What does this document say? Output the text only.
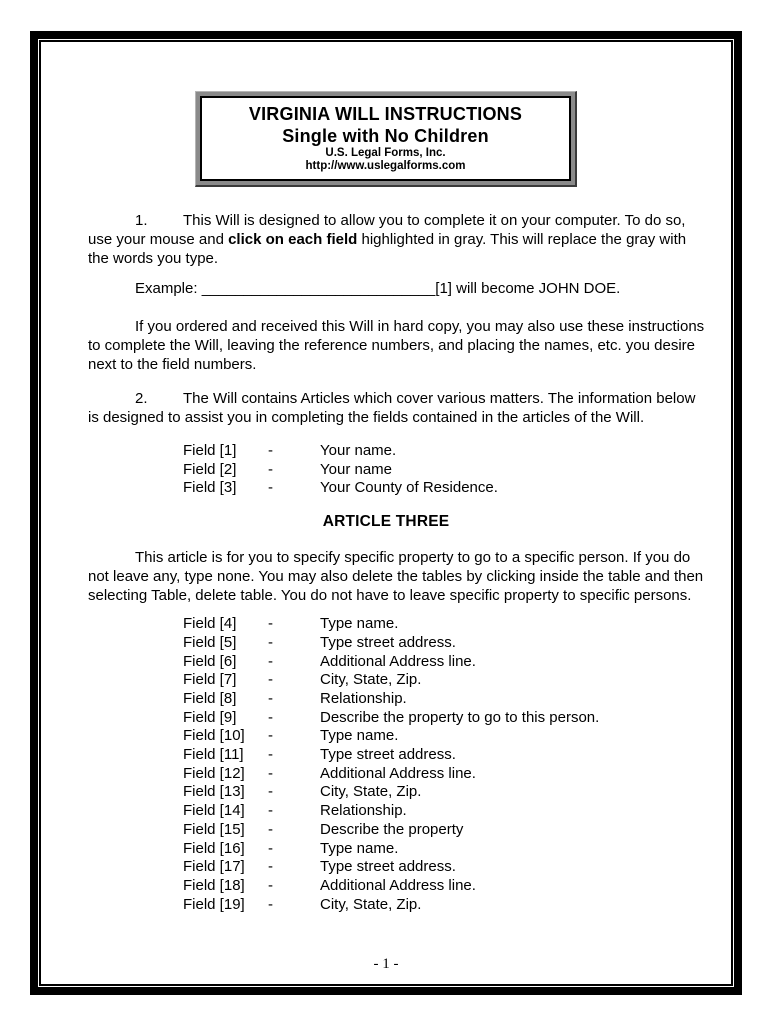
VIRGINIA WILL INSTRUCTIONS
Single with No Children
U.S. Legal Forms, Inc.
http://www.uslegalforms.com

1. This Will is designed to allow you to complete it on your computer. To do so, use your mouse and click on each field highlighted in gray. This will replace the gray with the words you type.

Example: ____________________________[1] will become JOHN DOE.

If you ordered and received this Will in hard copy, you may also use these instructions to complete the Will, leaving the reference numbers, and placing the names, etc. you desire next to the field numbers.

2. The Will contains Articles which cover various matters. The information below is designed to assist you in completing the fields contained in the articles of the Will.

Field [1] -	Your name.
Field [2] -	Your name
Field [3] -	Your County of Residence.
ARTICLE THREE

This article is for you to specify specific property to go to a specific person. If you do not leave any, type none. You may also delete the tables by clicking inside the table and then selecting Table, delete table. You do not have to leave specific property to specific persons.

Field [4] -	Type name.
Field [5] -	Type street address.
Field [6] -	Additional Address line.
Field [7] -	City, State, Zip.
Field [8] -	Relationship.
Field [9] -	Describe the property to go to this person.
Field [10] -	Type name.
Field [11] -	Type street address.
Field [12] -	Additional Address line.
Field [13] -	City, State, Zip.
Field [14] -	Relationship.
Field [15] -	Describe the property
Field [16] -	Type name.
Field [17] -	Type street address.
Field [18] -	Additional Address line.
Field [19] -	City, State, Zip.
- 1 -
